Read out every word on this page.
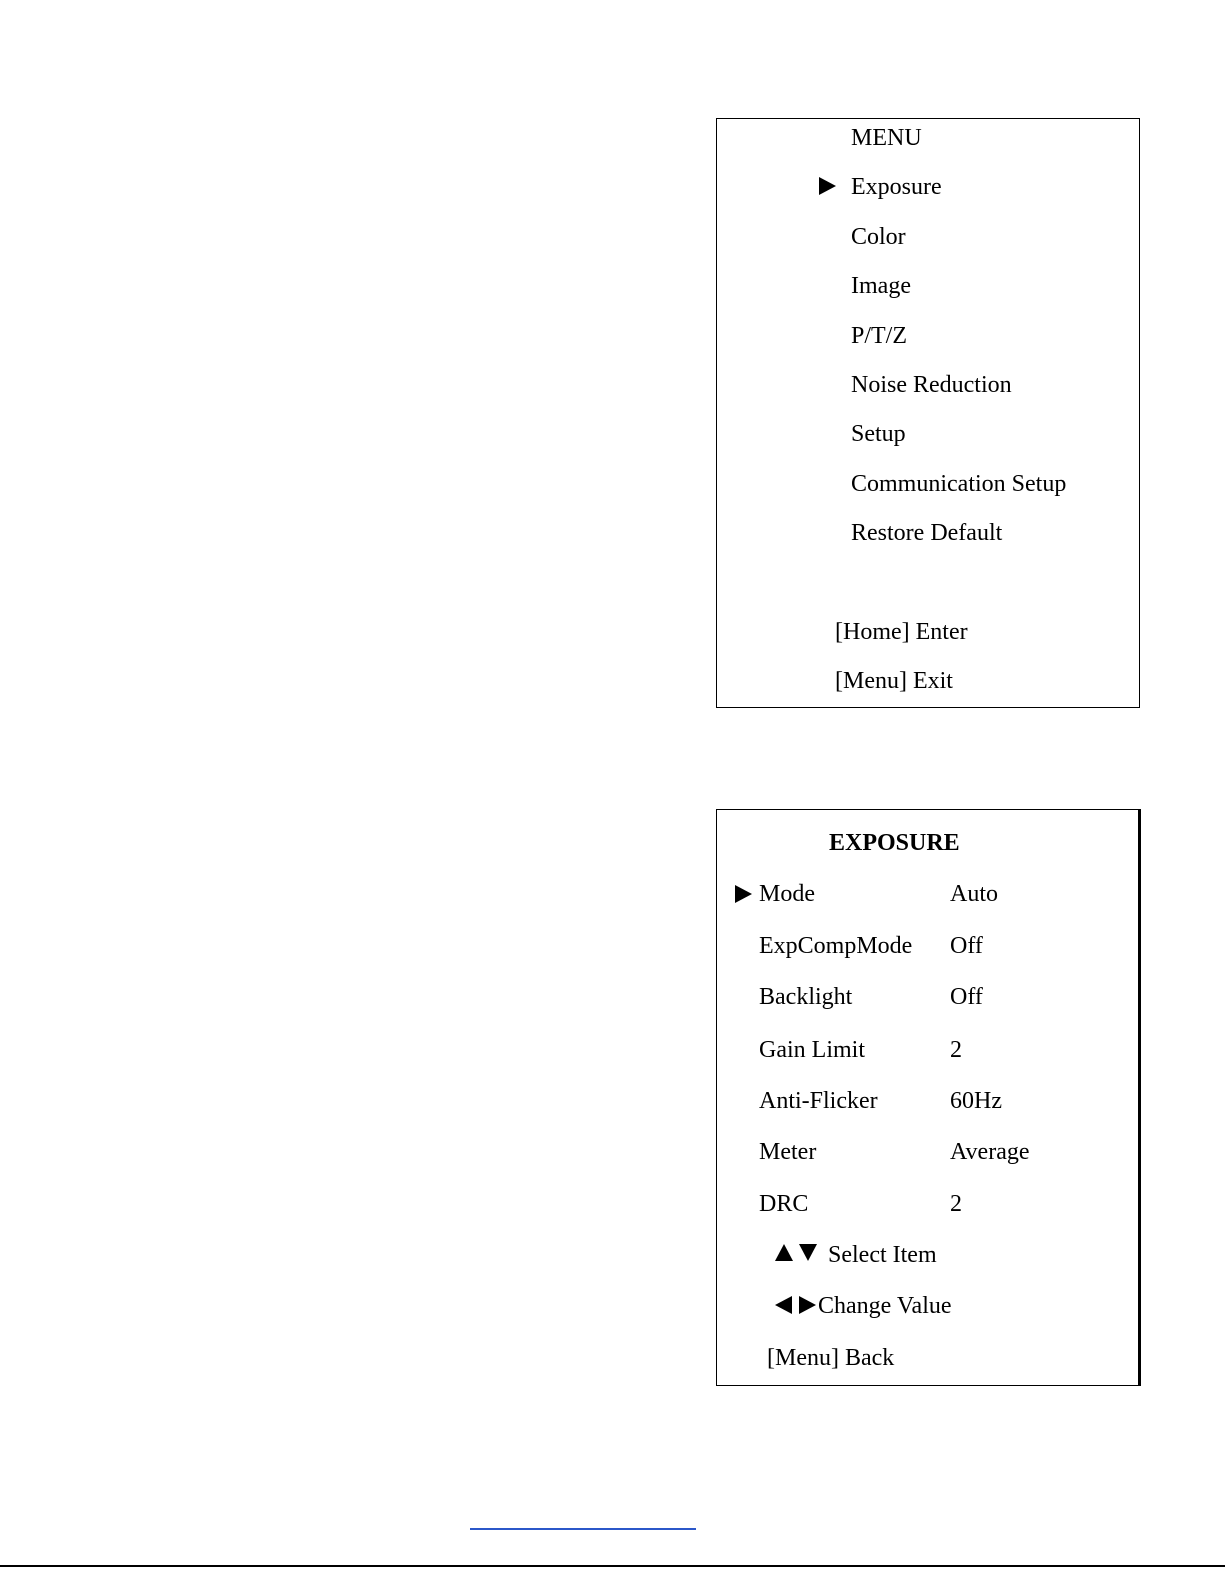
MENU
Exposure
Color
Image
P/T/Z
Noise Reduction
Setup
Communication Setup
Restore Default
[Home] Enter
[Menu] Exit
EXPOSURE
Mode	Auto
ExpCompMode Off
Backlight	Off
Gain Limit	2
Anti-Flicker	60Hz
Meter	Average
DRC	2
Select Item
Change Value
[Menu] Back
